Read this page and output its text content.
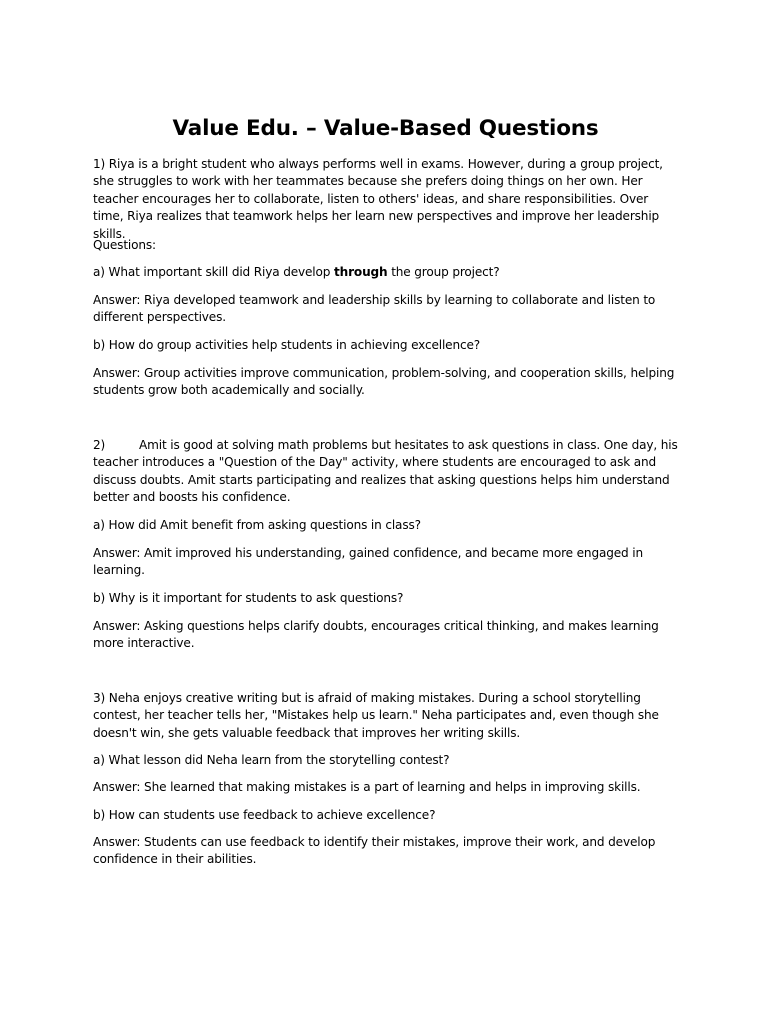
Value Edu. – Value-Based Questions

1) Riya is a bright student who always performs well in exams. However, during a group project, she struggles to work with her teammates because she prefers doing things on her own. Her teacher encourages her to collaborate, listen to others' ideas, and share responsibilities. Over time, Riya realizes that teamwork helps her learn new perspectives and improve her leadership skills.

Questions:

a) What important skill did Riya develop through the group project?

Answer: Riya developed teamwork and leadership skills by learning to collaborate and listen to different perspectives.

b) How do group activities help students in achieving excellence?

Answer: Group activities improve communication, problem-solving, and cooperation skills, helping students grow both academically and socially.

2)	Amit is good at solving math problems but hesitates to ask questions in class. One day, his teacher introduces a "Question of the Day" activity, where students are encouraged to ask and discuss doubts. Amit starts participating and realizes that asking questions helps him understand better and boosts his confidence.

a) How did Amit benefit from asking questions in class?

Answer: Amit improved his understanding, gained confidence, and became more engaged in learning.

b) Why is it important for students to ask questions?

Answer: Asking questions helps clarify doubts, encourages critical thinking, and makes learning more interactive.

3) Neha enjoys creative writing but is afraid of making mistakes. During a school storytelling contest, her teacher tells her, "Mistakes help us learn." Neha participates and, even though she doesn't win, she gets valuable feedback that improves her writing skills.

a) What lesson did Neha learn from the storytelling contest?

Answer: She learned that making mistakes is a part of learning and helps in improving skills.

b) How can students use feedback to achieve excellence?

Answer: Students can use feedback to identify their mistakes, improve their work, and develop confidence in their abilities.
